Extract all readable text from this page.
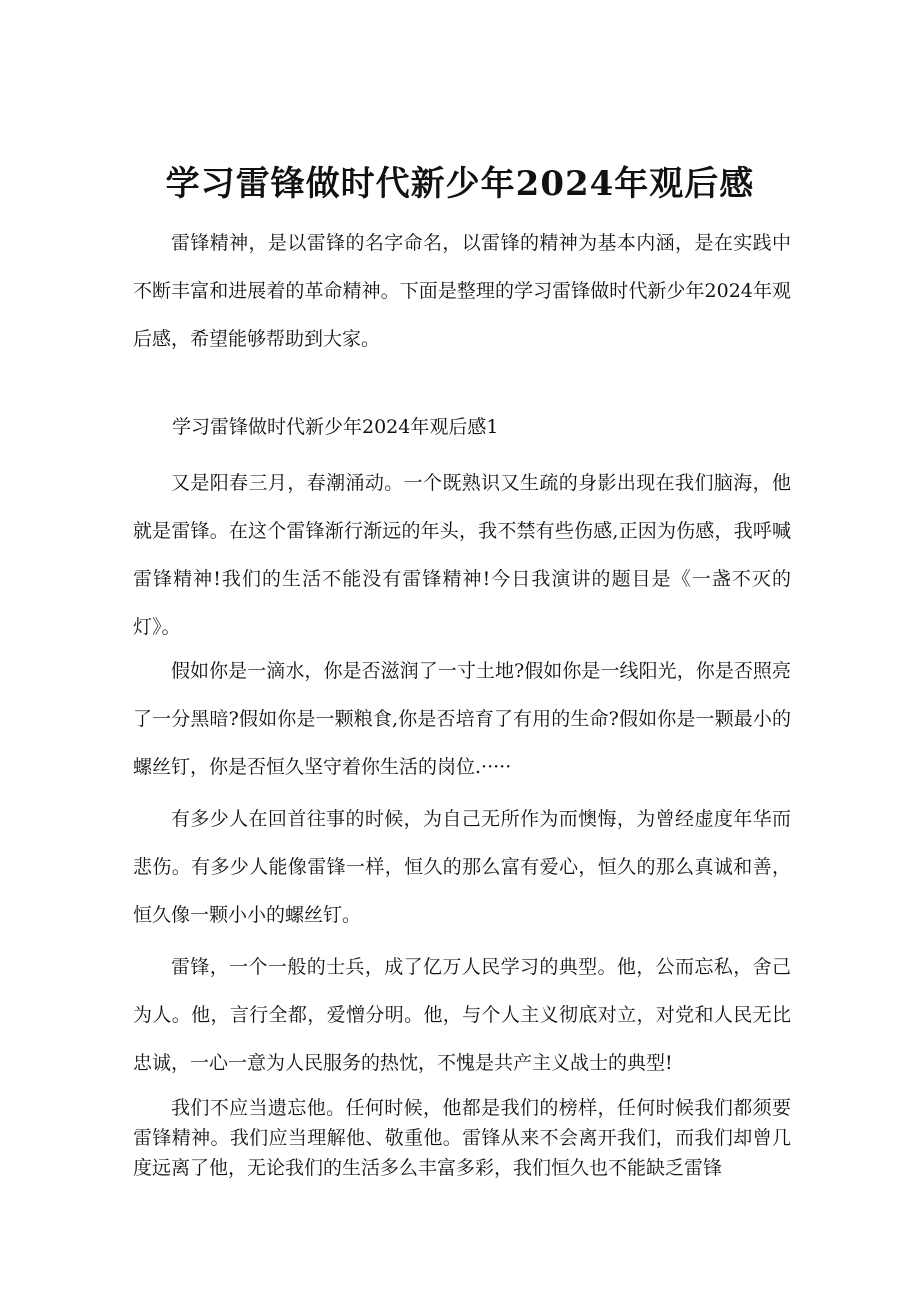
学习雷锋做时代新少年2024年观后感

雷锋精神，是以雷锋的名字命名，以雷锋的精神为基本内涵，是在实践中不断丰富和进展着的革命精神。下面是整理的学习雷锋做时代新少年2024年观后感，希望能够帮助到大家。

学习雷锋做时代新少年2024年观后感1

又是阳春三月，春潮涌动。一个既熟识又生疏的身影出现在我们脑海，他就是雷锋。在这个雷锋渐行渐远的年头，我不禁有些伤感,正因为伤感，我呼喊雷锋精神!我们的生活不能没有雷锋精神!今日我演讲的题目是《一盏不灭的灯》。

假如你是一滴水，你是否滋润了一寸土地?假如你是一线阳光，你是否照亮了一分黑暗?假如你是一颗粮食,你是否培育了有用的生命?假如你是一颗最小的螺丝钉，你是否恒久坚守着你生活的岗位.·····

有多少人在回首往事的时候，为自己无所作为而懊悔，为曾经虚度年华而悲伤。有多少人能像雷锋一样，恒久的那么富有爱心，恒久的那么真诚和善，恒久像一颗小小的螺丝钉。

雷锋，一个一般的士兵，成了亿万人民学习的典型。他，公而忘私，舍己为人。他，言行全都，爱憎分明。他，与个人主义彻底对立，对党和人民无比忠诚，一心一意为人民服务的热忱，不愧是共产主义战士的典型!

我们不应当遗忘他。任何时候，他都是我们的榜样，任何时候我们都须要雷锋精神。我们应当理解他、敬重他。雷锋从来不会离开我们，而我们却曾几度远离了他，无论我们的生活多么丰富多彩，我们恒久也不能缺乏雷锋
